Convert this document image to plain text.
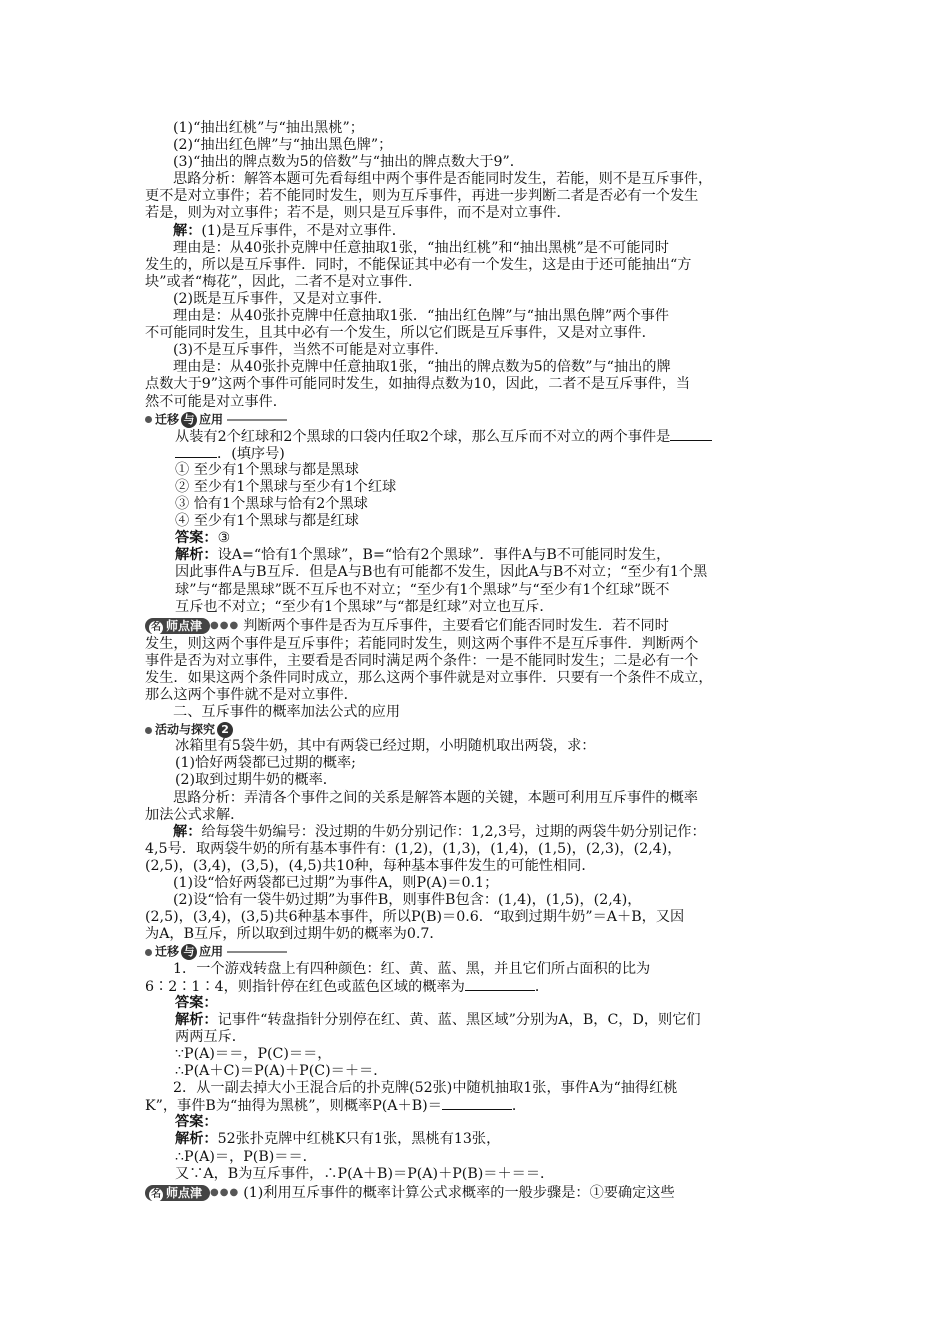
(1)“抽出红桃”与“抽出黑桃”；
(2)“抽出红色牌”与“抽出黑色牌”；
(3)“抽出的牌点数为5的倍数”与“抽出的牌点数大于9”．
思路分析：解答本题可先看每组中两个事件是否能同时发生，若能，则不是互斥事件，
更不是对立事件；若不能同时发生，则为互斥事件，再进一步判断二者是否必有一个发生
若是，则为对立事件；若不是，则只是互斥事件，而不是对立事件．
解：(1)是互斥事件，不是对立事件．
理由是：从40张扑克牌中任意抽取1张，“抽出红桃”和“抽出黑桃”是不可能同时
发生的，所以是互斥事件．同时，不能保证其中必有一个发生，这是由于还可能抽出“方
块”或者“梅花”，因此，二者不是对立事件．
(2)既是互斥事件，又是对立事件．
理由是：从40张扑克牌中任意抽取1张．“抽出红色牌”与“抽出黑色牌”两个事件
不可能同时发生，且其中必有一个发生，所以它们既是互斥事件，又是对立事件．
(3)不是互斥事件，当然不可能是对立事件．
理由是：从40张扑克牌中任意抽取1张，“抽出的牌点数为5的倍数”与“抽出的牌
点数大于9”这两个事件可能同时发生，如抽得点数为10，因此，二者不是互斥事件，当
然不可能是对立事件．
迁移 与 应用
从装有2个红球和2个黑球的口袋内任取2个球，那么互斥而不对立的两个事件是
．(填序号)
① 至少有1个黑球与都是黑球
② 至少有1个黑球与至少有1个红球
③ 恰有1个黑球与恰有2个黑球
④ 至少有1个黑球与都是红球
答案：③
解析：设A=“恰有1个黑球”，B=“恰有2个黑球”．事件A与B不可能同时发生，
因此事件A与B互斥．但是A与B也有可能都不发生，因此A与B不对立；“至少有1个黑
球”与“都是黑球”既不互斥也不对立；“至少有1个黑球”与“至少有1个红球”既不
互斥也不对立；“至少有1个黑球”与“都是红球”对立也互斥．
名 师点津 ●●● 判断两个事件是否为互斥事件，主要看它们能否同时发生．若不同时
发生，则这两个事件是互斥事件；若能同时发生，则这两个事件不是互斥事件．判断两个
事件是否为对立事件，主要看是否同时满足两个条件：一是不能同时发生；二是必有一个
发生．如果这两个条件同时成立，那么这两个事件就是对立事件．只要有一个条件不成立，
那么这两个事件就不是对立事件．
二、互斥事件的概率加法公式的应用
活动与探究 2
冰箱里有5袋牛奶，其中有两袋已经过期，小明随机取出两袋，求：
(1)恰好两袋都已过期的概率;
(2)取到过期牛奶的概率．
思路分析：弄清各个事件之间的关系是解答本题的关键，本题可利用互斥事件的概率
加法公式求解．
解：给每袋牛奶编号：没过期的牛奶分别记作：1,2,3号，过期的两袋牛奶分别记作：
4,5号．取两袋牛奶的所有基本事件有：(1,2)，(1,3)，(1,4)，(1,5)，(2,3)，(2,4)，
(2,5)，(3,4)，(3,5)，(4,5)共10种，每种基本事件发生的可能性相同．
(1)设“恰好两袋都已过期”为事件A，则P(A)＝0.1；
(2)设“恰有一袋牛奶过期”为事件B，则事件B包含：(1,4)，(1,5)，(2,4)，
(2,5)，(3,4)，(3,5)共6种基本事件，所以P(B)＝0.6．“取到过期牛奶”＝A＋B，又因
为A，B互斥，所以取到过期牛奶的概率为0.7．
迁移 与 应用
1．一个游戏转盘上有四种颜色：红、黄、蓝、黑，并且它们所占面积的比为
6∶2∶1∶4，则指针停在红色或蓝色区域的概率为	．
答案：
解析：记事件“转盘指针分别停在红、黄、蓝、黑区域”分别为A，B，C，D，则它们
两两互斥．
∵P(A)＝＝，P(C)＝＝，
∴P(A＋C)＝P(A)＋P(C)＝＋＝．
2．从一副去掉大小王混合后的扑克牌(52张)中随机抽取1张，事件A为“抽得红桃
K”，事件B为“抽得为黑桃”，则概率P(A＋B)＝	．
答案：
解析：52张扑克牌中红桃K只有1张，黑桃有13张，
∴P(A)＝，P(B)＝＝．
又∵A，B为互斥事件，∴P(A＋B)＝P(A)＋P(B)＝＋＝＝．
名 师点津 ●●● (1)利用互斥事件的概率计算公式求概率的一般步骤是：①要确定这些
